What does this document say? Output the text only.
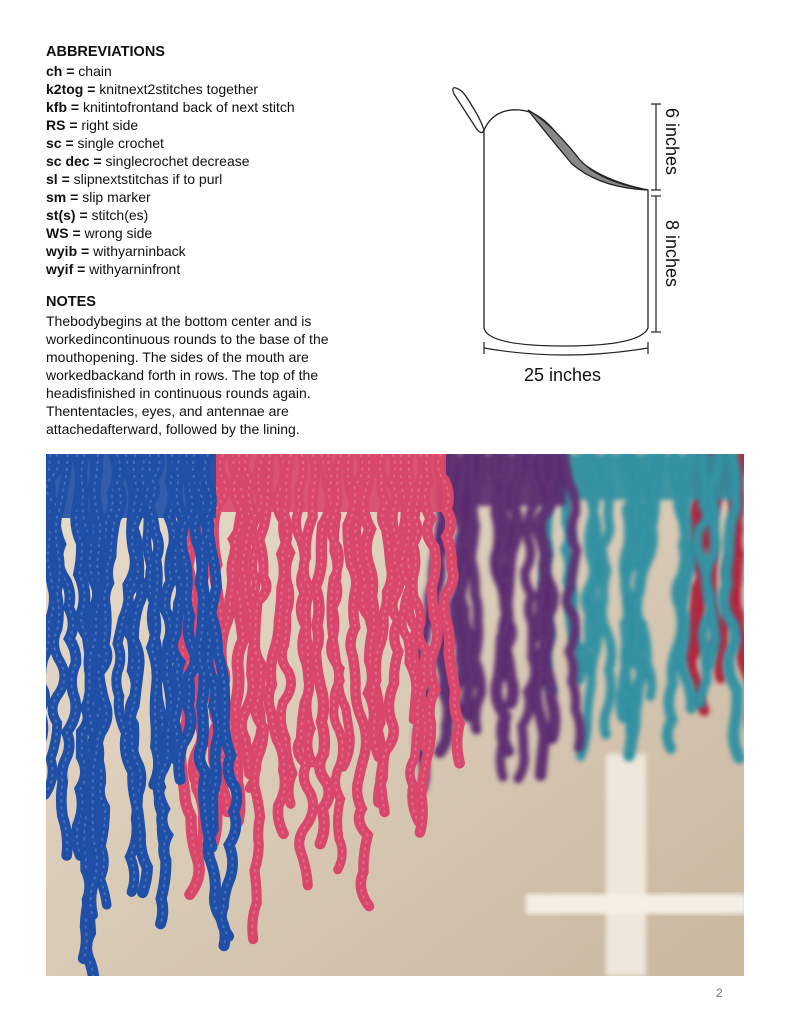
ABBREVIATIONS
ch = chain
k2tog = knitnext2stitches together
kfb = knitintofrontand back of next stitch
RS = right side
sc = single crochet
sc dec = singlecrochet decrease
sl = slipnextstitchas if to purl
sm = slip marker
st(s) = stitch(es)
WS = wrong side
wyib = withyarninback
wyif = withyarninfront
NOTES
Thebodybegins at the bottom center and is workedincontinuous rounds to the base of the mouthopening. The sides of the mouth are workedbackand forth in rows. The top of the headisfinished in continuous rounds again. Thententacles, eyes, and antennae are attachedafterward, followed by the lining.
6 inches
8 inches
25 inches
2
